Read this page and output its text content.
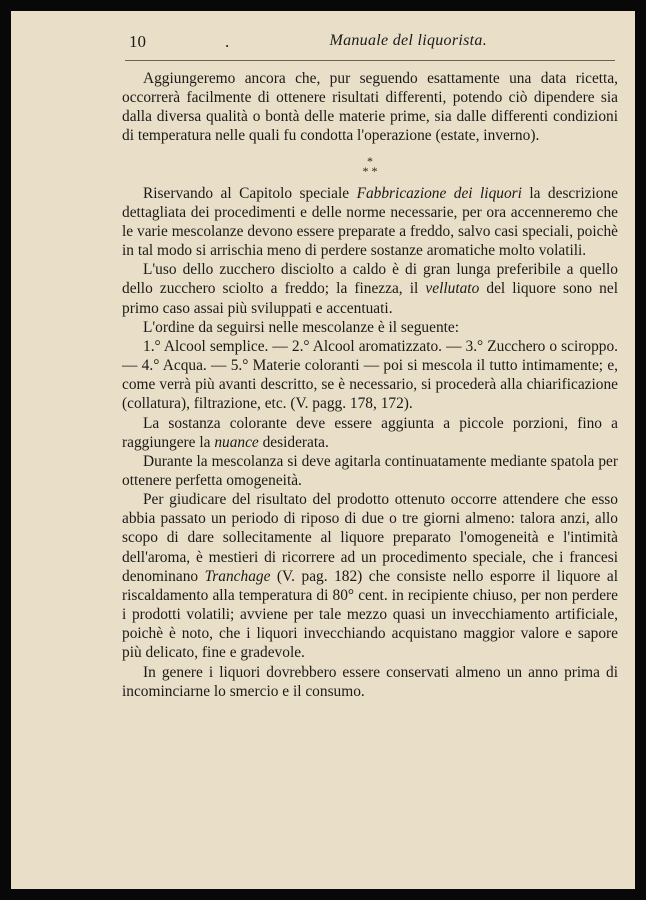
10	.	Manuale del liquorista.

Aggiungeremo ancora che, pur seguendo esattamente una data ricetta, occorrerà facilmente di ottenere risultati differenti, potendo ciò dipendere sia dalla diversa qualità o bontà delle materie prime, sia dalle differenti condizioni di temperatura nelle quali fu condotta l'operazione (estate, inverno).

*
* *

Riservando al Capitolo speciale Fabbricazione dei liquori la descrizione dettagliata dei procedimenti e delle norme necessarie, per ora accenneremo che le varie mescolanze devono essere preparate a freddo, salvo casi speciali, poichè in tal modo si arrischia meno di perdere sostanze aromatiche molto volatili.

L'uso dello zucchero disciolto a caldo è di gran lunga preferibile a quello dello zucchero sciolto a freddo; la finezza, il vellutato del liquore sono nel primo caso assai più sviluppati e accentuati.

L'ordine da seguirsi nelle mescolanze è il seguente:

1.° Alcool semplice. — 2.° Alcool aromatizzato. — 3.° Zucchero o sciroppo. — 4.° Acqua. — 5.° Materie coloranti — poi si mescola il tutto intimamente; e, come verrà più avanti descritto, se è necessario, si procederà alla chiarificazione (collatura), filtrazione, etc. (V. pagg. 178, 172).

La sostanza colorante deve essere aggiunta a piccole porzioni, fino a raggiungere la nuance desiderata.

Durante la mescolanza si deve agitarla continuatamente mediante spatola per ottenere perfetta omogeneità.

Per giudicare del risultato del prodotto ottenuto occorre attendere che esso abbia passato un periodo di riposo di due o tre giorni almeno: talora anzi, allo scopo di dare sollecitamente al liquore preparato l'omogeneità e l'intimità dell'aroma, è mestieri di ricorrere ad un procedimento speciale, che i francesi denominano Tranchage (V. pag. 182) che consiste nello esporre il liquore al riscaldamento alla temperatura di 80° cent. in recipiente chiuso, per non perdere i prodotti volatili; avviene per tale mezzo quasi un invecchiamento artificiale, poichè è noto, che i liquori invecchiando acquistano maggior valore e sapore più delicato, fine e gradevole.

In genere i liquori dovrebbero essere conservati almeno un anno prima di incominciarne lo smercio e il consumo.
